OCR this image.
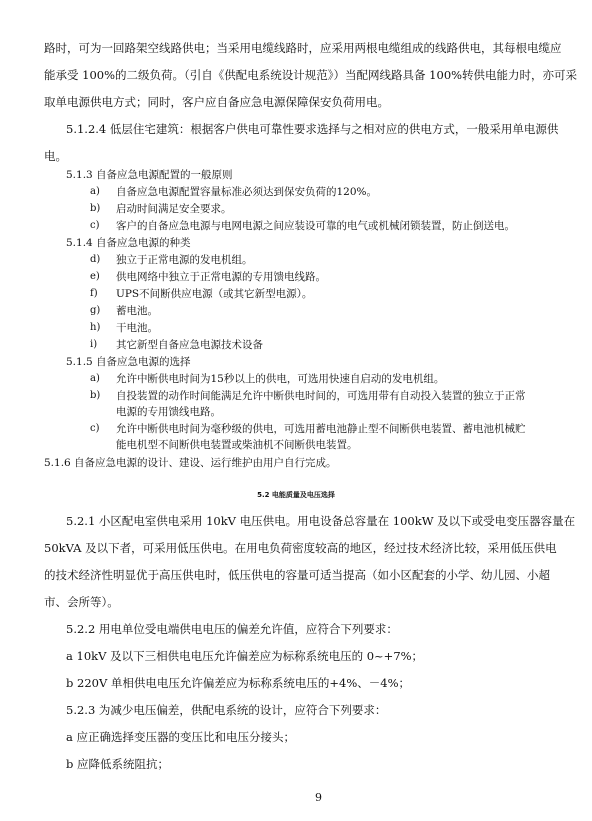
路时，可为一回路架空线路供电；当采用电缆线路时，应采用两根电缆组成的线路供电，其每根电缆应
能承受 100%的二级负荷。（引自《供配电系统设计规范》）当配网线路具备 100%转供电能力时，亦可采
取单电源供电方式；同时，客户应自备应急电源保障保安负荷用电。
5.1.2.4 低层住宅建筑：根据客户供电可靠性要求选择与之相对应的供电方式，一般采用单电源供
电。
5.1.3 自备应急电源配置的一般原则
a) 自备应急电源配置容量标准必须达到保安负荷的120%。
b) 启动时间满足安全要求。
c) 客户的自备应急电源与电网电源之间应装设可靠的电气或机械闭锁装置，防止倒送电。
5.1.4 自备应急电源的种类
d) 独立于正常电源的发电机组。
e) 供电网络中独立于正常电源的专用馈电线路。
f) UPS不间断供应电源（或其它新型电源）。
g) 蓄电池。
h) 干电池。
i) 其它新型自备应急电源技术设备
5.1.5 自备应急电源的选择
a) 允许中断供电时间为15秒以上的供电，可选用快速自启动的发电机组。
b) 自投装置的动作时间能满足允许中断供电时间的，可选用带有自动投入装置的独立于正常
电源的专用馈线电路。
c) 允许中断供电时间为毫秒级的供电，可选用蓄电池静止型不间断供电装置、蓄电池机械贮
能电机型不间断供电装置或柴油机不间断供电装置。
5.1.6 自备应急电源的设计、建设、运行维护由用户自行完成。
5.2 电能质量及电压选择
5.2.1 小区配电室供电采用 10kV 电压供电。用电设备总容量在 100kW 及以下或受电变压器容量在
50kVA 及以下者，可采用低压供电。在用电负荷密度较高的地区，经过技术经济比较，采用低压供电
的技术经济性明显优于高压供电时，低压供电的容量可适当提高（如小区配套的小学、幼儿园、小超
市、会所等）。
5.2.2 用电单位受电端供电电压的偏差允许值，应符合下列要求：
a 10kV 及以下三相供电电压允许偏差应为标称系统电压的 0~+7%；
b 220V 单相供电电压允许偏差应为标称系统电压的+4%、－4%；
5.2.3 为减少电压偏差，供配电系统的设计，应符合下列要求：
a 应正确选择变压器的变压比和电压分接头；
b 应降低系统阻抗；
9
